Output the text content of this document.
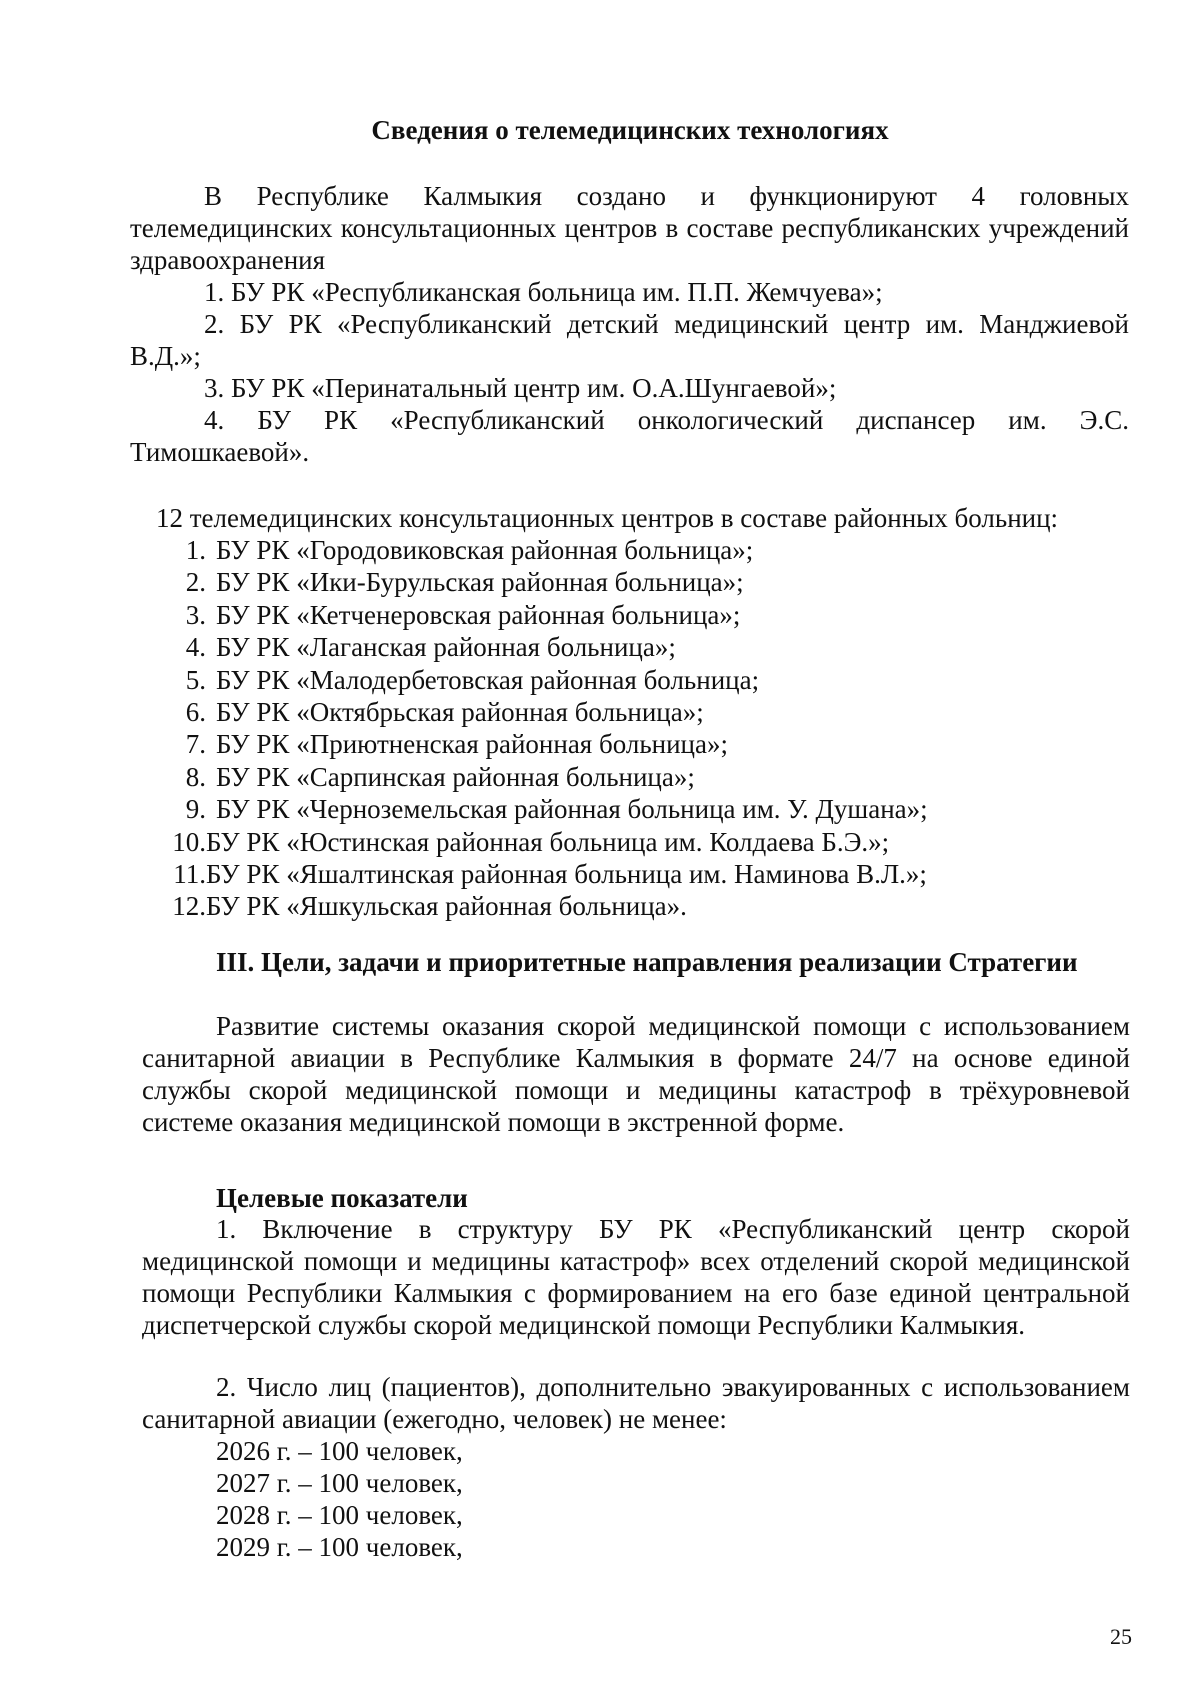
Сведения о телемедицинских технологиях

В Республике Калмыкия создано и функционируют 4 головных телемедицинских консультационных центров в составе республиканских учреждений здравоохранения

1. БУ РК «Республиканская больница им. П.П. Жемчуева»;
2. БУ РК «Республиканский детский медицинский центр им. Манджиевой В.Д.»;
3. БУ РК «Перинатальный центр им. О.А.Шунгаевой»;
4. БУ РК «Республиканский онкологический диспансер им. Э.С. Тимошкаевой».

12 телемедицинских консультационных центров в составе районных больниц:

1. БУ РК «Городовиковская районная больница»;
2. БУ РК «Ики-Бурульская районная больница»;
3. БУ РК «Кетченеровская районная больница»;
4. БУ РК «Лаганская районная больница»;
5. БУ РК «Малодербетовская районная больница;
6. БУ РК «Октябрьская районная больница»;
7. БУ РК «Приютненская районная больница»;
8. БУ РК «Сарпинская районная больница»;
9. БУ РК «Черноземельская районная больница им. У. Душана»;
10.БУ РК «Юстинская районная больница им. Колдаева Б.Э.»;
11.БУ РК «Яшалтинская районная больница им. Наминова В.Л.»;
12.БУ РК «Яшкульская районная больница».

III. Цели, задачи и приоритетные направления реализации Стратегии

Развитие системы оказания скорой медицинской помощи с использованием санитарной авиации в Республике Калмыкия в формате 24/7 на основе единой службы скорой медицинской помощи и медицины катастроф в трёхуровневой системе оказания медицинской помощи в экстренной форме.

Целевые показатели

1. Включение в структуру БУ РК «Республиканский центр скорой медицинской помощи и медицины катастроф» всех отделений скорой медицинской помощи Республики Калмыкия с формированием на его базе единой центральной диспетчерской службы скорой медицинской помощи Республики Калмыкия.

2. Число лиц (пациентов), дополнительно эвакуированных с использованием санитарной авиации (ежегодно, человек) не менее:

2026 г. – 100 человек,
2027 г. – 100 человек,
2028 г. – 100 человек,
2029 г. – 100 человек,
25
